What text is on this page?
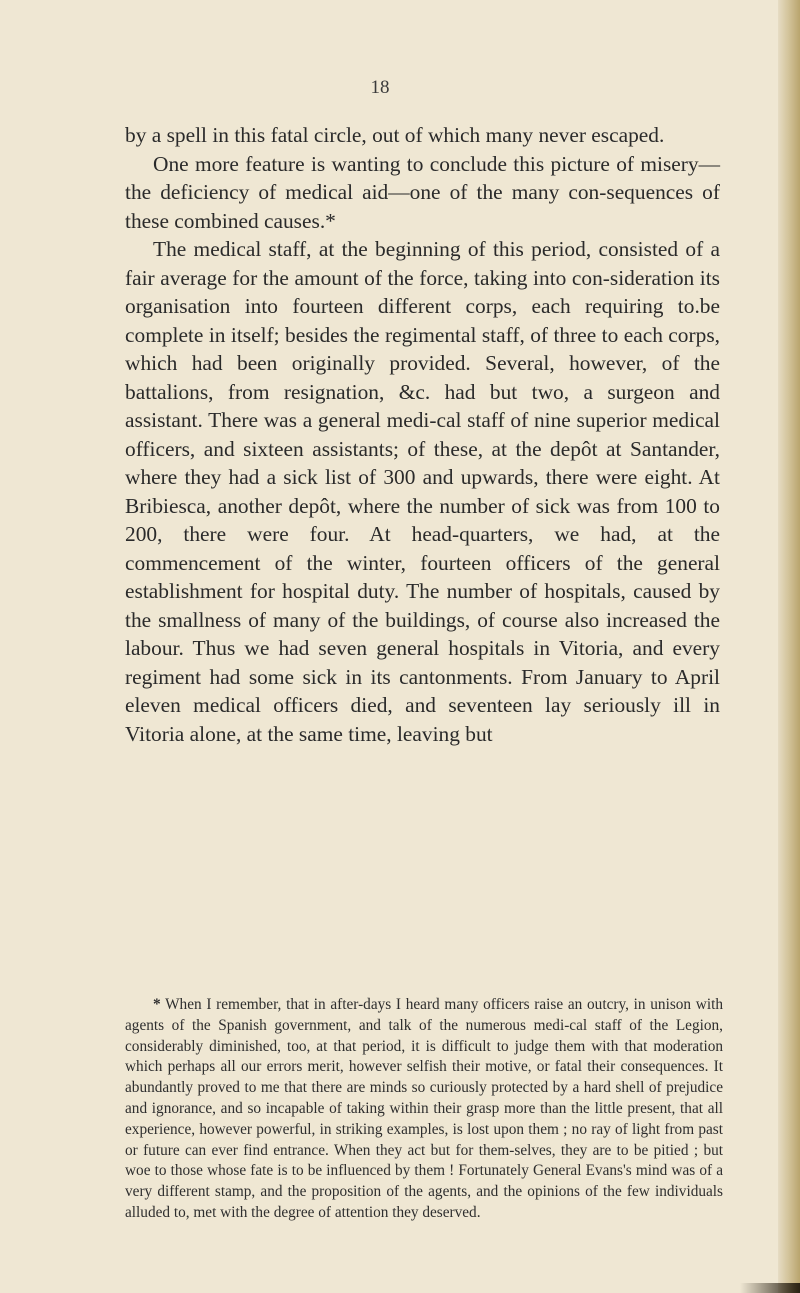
18

by a spell in this fatal circle, out of which many never escaped.

One more feature is wanting to conclude this picture of misery—the deficiency of medical aid—one of the many con-sequences of these combined causes.*

The medical staff, at the beginning of this period, consisted of a fair average for the amount of the force, taking into con-sideration its organisation into fourteen different corps, each requiring to.be complete in itself; besides the regimental staff, of three to each corps, which had been originally provided. Several, however, of the battalions, from resignation, &c. had but two, a surgeon and assistant. There was a general medi-cal staff of nine superior medical officers, and sixteen assistants; of these, at the depôt at Santander, where they had a sick list of 300 and upwards, there were eight. At Bribiesca, another depôt, where the number of sick was from 100 to 200, there were four. At head-quarters, we had, at the commencement of the winter, fourteen officers of the general establishment for hospital duty. The number of hospitals, caused by the smallness of many of the buildings, of course also increased the labour. Thus we had seven general hospitals in Vitoria, and every regiment had some sick in its cantonments. From January to April eleven medical officers died, and seventeen lay seriously ill in Vitoria alone, at the same time, leaving but

* When I remember, that in after-days I heard many officers raise an outcry, in unison with agents of the Spanish government, and talk of the numerous medi-cal staff of the Legion, considerably diminished, too, at that period, it is difficult to judge them with that moderation which perhaps all our errors merit, however selfish their motive, or fatal their consequences. It abundantly proved to me that there are minds so curiously protected by a hard shell of prejudice and ignorance, and so incapable of taking within their grasp more than the little present, that all experience, however powerful, in striking examples, is lost upon them ; no ray of light from past or future can ever find entrance. When they act but for them-selves, they are to be pitied ; but woe to those whose fate is to be influenced by them ! Fortunately General Evans's mind was of a very different stamp, and the proposition of the agents, and the opinions of the few individuals alluded to, met with the degree of attention they deserved.
